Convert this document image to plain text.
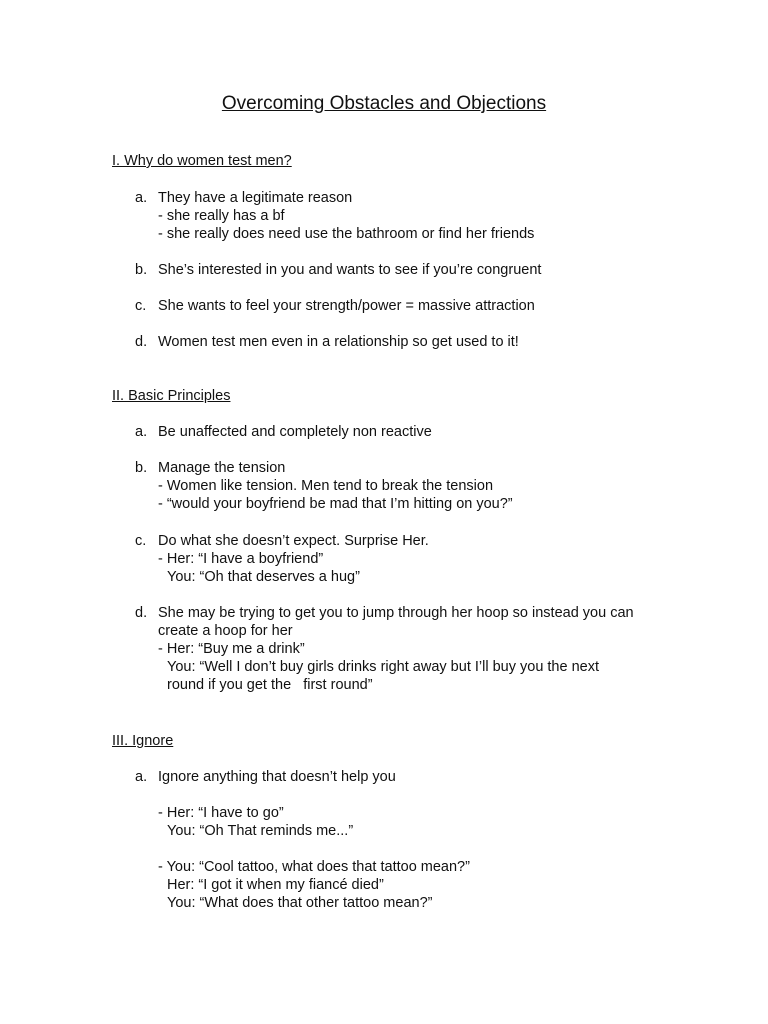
Overcoming Obstacles and Objections
I. Why do women test men?
a. They have a legitimate reason
- she really has a bf
- she really does need use the bathroom or find her friends
b. She’s interested in you and wants to see if you’re congruent
c. She wants to feel your strength/power = massive attraction
d. Women test men even in a relationship so get used to it!
II. Basic Principles
a. Be unaffected and completely non reactive
b. Manage the tension
- Women like tension. Men tend to break the tension
- “would your boyfriend be mad that I’m hitting on you?”
c. Do what she doesn’t expect. Surprise Her.
- Her: “I have a boyfriend”
You: “Oh that deserves a hug”
d. She may be trying to get you to jump through her hoop so instead you can
create a hoop for her
- Her: “Buy me a drink”
You: “Well I don’t buy girls drinks right away but I’ll buy you the next
round if you get the   first round”
III. Ignore
a. Ignore anything that doesn’t help you
- Her: “I have to go”
You: “Oh That reminds me...”
- You: “Cool tattoo, what does that tattoo mean?”
Her: “I got it when my fiancé died”
You: “What does that other tattoo mean?”
